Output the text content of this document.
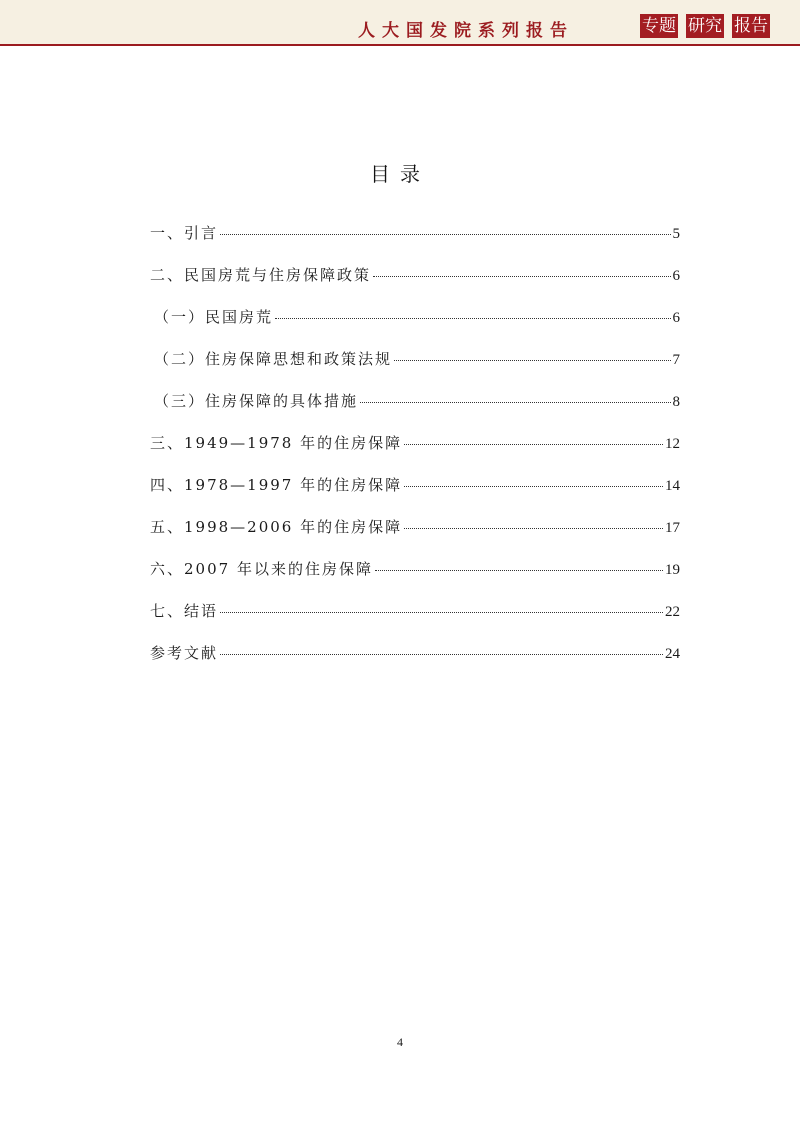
人大国发院系列报告	专题 研究 报告
目录
一、引言	5
二、民国房荒与住房保障政策	6
（一）民国房荒	6
（二）住房保障思想和政策法规	7
（三）住房保障的具体措施	8
三、1949—1978 年的住房保障	12
四、1978—1997 年的住房保障	14
五、1998—2006 年的住房保障	17
六、2007 年以来的住房保障	19
七、结语	22
参考文献	24
4
